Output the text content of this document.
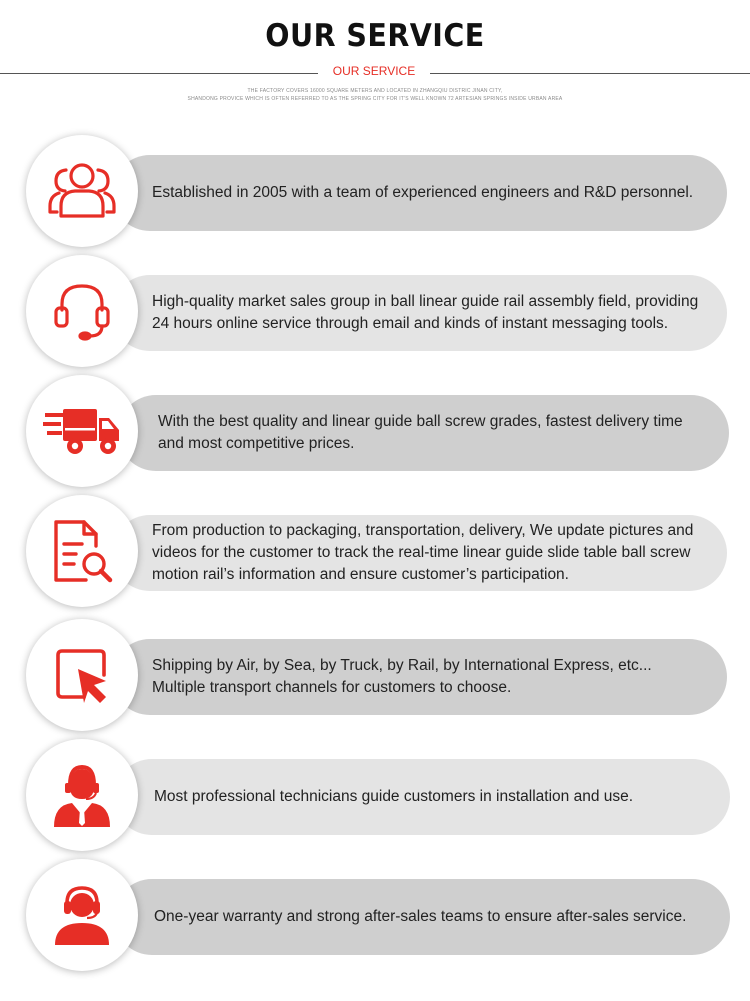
OUR SERVICE
OUR SERVICE
THE FACTORY COVERS 16000 SQUARE METERS AND LOCATED IN ZHANGQIU DISTRIC JINAN CITY,
SHANDONG PROVICE WHICH IS OFTEN REFERRED TO AS THE SPRING CITY FOR IT'S WELL KNOWN 72 ARTESIAN SPRINGS INSIDE URBAN AREA
Established in 2005 with a team of experienced engineers and R&D personnel.
High-quality market sales group in ball linear guide rail assembly field, providing 24 hours online service through email and kinds of instant messaging tools.
With the best quality and linear guide ball screw grades, fastest delivery time and most competitive prices.
From production to packaging, transportation, delivery, We update pictures and videos for the customer to track the real-time linear guide slide table ball screw motion rail’s information and ensure customer’s participation.
Shipping by Air, by Sea, by Truck, by Rail, by International Express, etc... Multiple transport channels for customers to choose.
Most professional technicians guide customers in installation and use.
One-year warranty and strong after-sales teams to ensure after-sales service.
